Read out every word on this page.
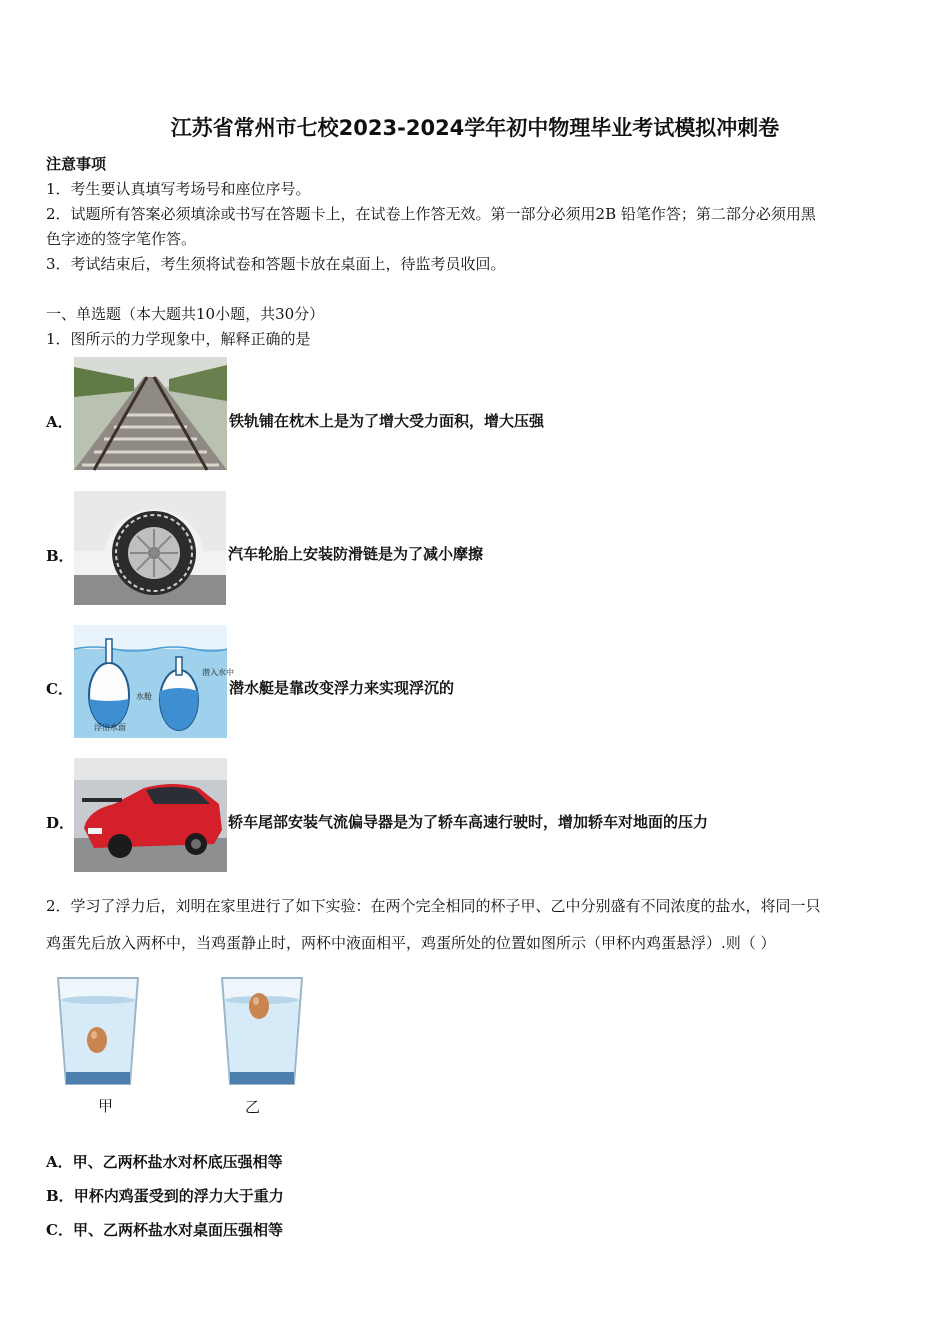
江苏省常州市七校2023-2024学年初中物理毕业考试模拟冲刺卷
注意事项
1．考生要认真填写考场号和座位序号。
2．试题所有答案必须填涂或书写在答题卡上，在试卷上作答无效。第一部分必须用2B 铅笔作答；第二部分必须用黑
色字迹的签字笔作答。
3．考试结束后，考生须将试卷和答题卡放在桌面上，待监考员收回。
一、单选题（本大题共10小题，共30分）
1．图所示的力学现象中，解释正确的是
A．	铁轨铺在枕木上是为了增大受力面积，增大压强
B．	汽车轮胎上安装防滑链是为了减小摩擦
C．
潜入水中
水舱
浮出水面
潜水艇是靠改变浮力来实现浮沉的
D．	轿车尾部安装气流偏导器是为了轿车高速行驶时，增加轿车对地面的压力
2．学习了浮力后，刘明在家里进行了如下实验：在两个完全相同的杯子甲、乙中分别盛有不同浓度的盐水，将同一只
鸡蛋先后放入两杯中，当鸡蛋静止时，两杯中液面相平，鸡蛋所处的位置如图所示（甲杯内鸡蛋悬浮）.则（ ）
甲	乙
A．甲、乙两杯盐水对杯底压强相等
B．甲杯内鸡蛋受到的浮力大于重力
C．甲、乙两杯盐水对桌面压强相等
